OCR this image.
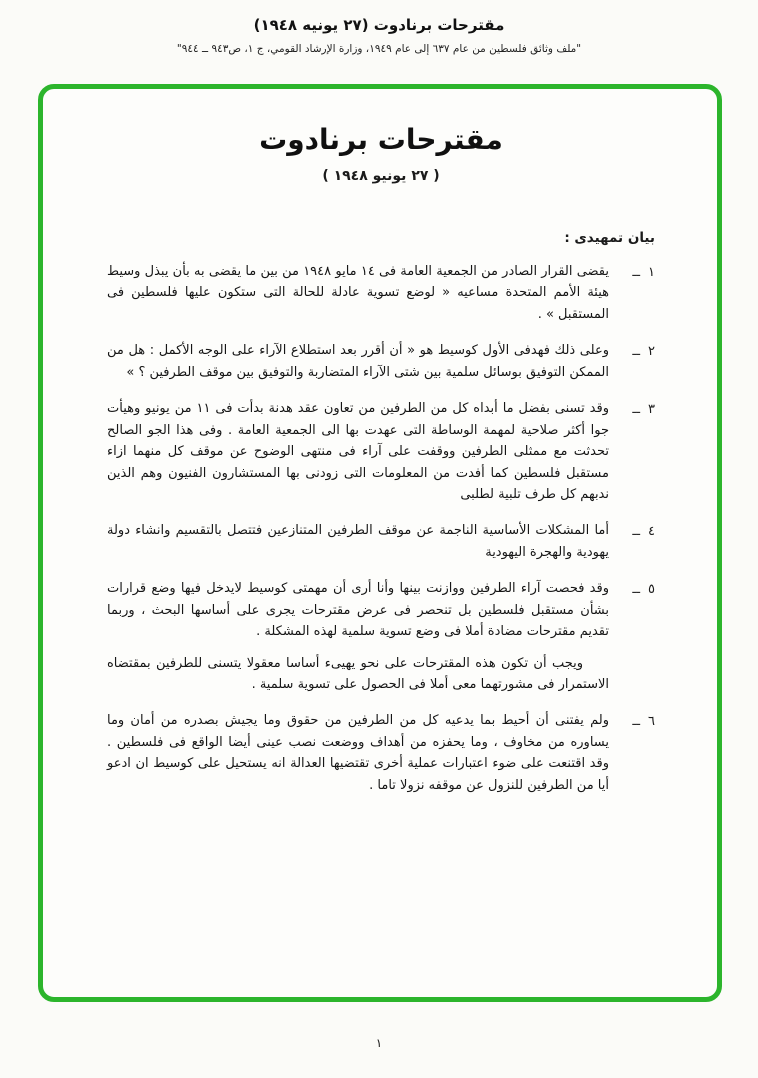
مقترحات برنادوت (٢٧ يونيه ١٩٤٨)
"ملف وثائق فلسطين من عام ٦٣٧ إلى عام ١٩٤٩، وزارة الإرشاد القومي، ج ١، ص٩٤٣ ــ ٩٤٤"
مقترحات برنادوت
( ٢٧ يونيو ١٩٤٨ )
بيان تمهيدى :
١
ــ

يقضى القرار الصادر من الجمعية العامة فى ١٤ مايو ١٩٤٨ من بين ما يقضى به بأن يبذل وسيط هيئة الأمم المتحدة مساعيه « لوضع تسوية عادلة للحالة التى ستكون عليها فلسطين فى المستقبل » .

٢
ــ

وعلى ذلك فهدفى الأول كوسيط هو « أن أقرر بعد استطلاع الآراء على الوجه الأكمل : هل من الممكن التوفيق بوسائل سلمية بين شتى الآراء المتضاربة والتوفيق بين موقف الطرفين ؟ »

٣
ــ

وقد تسنى بفضل ما أبداه كل من الطرفين من تعاون عقد هدنة بدأت فى ١١ من يونيو وهيأت جوا أكثر صلاحية لمهمة الوساطة التى عهدت بها الى الجمعية العامة . وفى هذا الجو الصالح تحدثت مع ممثلى الطرفين ووقفت على آراء فى منتهى الوضوح عن موقف كل منهما ازاء مستقبل فلسطين كما أفدت من المعلومات التى زودنى بها المستشارون الفنيون وهم الذين ندبهم كل طرف تلبية لطلبى

٤
ــ

أما المشكلات الأساسية الناجمة عن موقف الطرفين المتنازعين فتتصل بالتقسيم وانشاء دولة يهودية والهجرة اليهودية

٥
ــ

وقد فحصت آراء الطرفين ووازنت بينها وأنا أرى أن مهمتى كوسيط لايدخل فيها وضع قرارات بشأن مستقبل فلسطين بل تنحصر فى عرض مقترحات يجرى على أساسها البحث ، وربما تقديم مقترحات مضادة أملا فى وضع تسوية سلمية لهذه المشكلة .

ويجب أن تكون هذه المقترحات على نحو يهيىء أساسا معقولا يتسنى للطرفين بمقتضاه الاستمرار فى مشورتهما معى أملا فى الحصول على تسوية سلمية .

٦
ــ

ولم يفتنى أن أحيط بما يدعيه كل من الطرفين من حقوق وما يجيش بصدره من أمان وما يساوره من مخاوف ، وما يحفزه من أهداف ووضعت نصب عينى أيضا الواقع فى فلسطين . وقد اقتنعت على ضوء اعتبارات عملية أخرى تقتضيها العدالة انه يستحيل على كوسيط ان ادعو أيا من الطرفين للنزول عن موقفه نزولا تاما .

١
